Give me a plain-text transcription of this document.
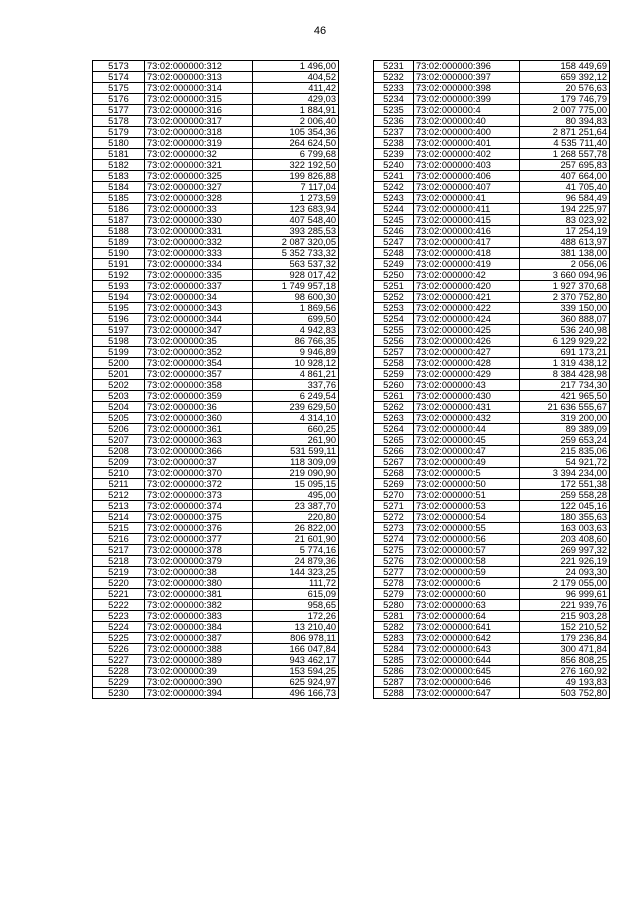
46
5173	73:02:000000:312	1 496,00
5174	73:02:000000:313	404,52
5175	73:02:000000:314	411,42
5176	73:02:000000:315	429,03
5177	73:02:000000:316	1 884,91
5178	73:02:000000:317	2 006,40
5179	73:02:000000:318	105 354,36
5180	73:02:000000:319	264 624,50
5181	73:02:000000:32	6 799,68
5182	73:02:000000:321	322 192,50
5183	73:02:000000:325	199 826,88
5184	73:02:000000:327	7 117,04
5185	73:02:000000:328	1 273,59
5186	73:02:000000:33	123 683,94
5187	73:02:000000:330	407 548,40
5188	73:02:000000:331	393 285,53
5189	73:02:000000:332	2 087 320,05
5190	73:02:000000:333	5 352 733,32
5191	73:02:000000:334	563 537,32
5192	73:02:000000:335	928 017,42
5193	73:02:000000:337	1 749 957,18
5194	73:02:000000:34	98 600,30
5195	73:02:000000:343	1 869,56
5196	73:02:000000:344	699,50
5197	73:02:000000:347	4 942,83
5198	73:02:000000:35	86 766,35
5199	73:02:000000:352	9 946,89
5200	73:02:000000:354	10 928,12
5201	73:02:000000:357	4 861,21
5202	73:02:000000:358	337,76
5203	73:02:000000:359	6 249,54
5204	73:02:000000:36	239 629,50
5205	73:02:000000:360	4 314,10
5206	73:02:000000:361	660,25
5207	73:02:000000:363	261,90
5208	73:02:000000:366	531 599,11
5209	73:02:000000:37	118 309,09
5210	73:02:000000:370	219 090,90
5211	73:02:000000:372	15 095,15
5212	73:02:000000:373	495,00
5213	73:02:000000:374	23 387,70
5214	73:02:000000:375	220,80
5215	73:02:000000:376	26 822,00
5216	73:02:000000:377	21 601,90
5217	73:02:000000:378	5 774,16
5218	73:02:000000:379	24 879,36
5219	73:02:000000:38	144 323,25
5220	73:02:000000:380	111,72
5221	73:02:000000:381	615,09
5222	73:02:000000:382	958,65
5223	73:02:000000:383	172,26
5224	73:02:000000:384	13 210,40
5225	73:02:000000:387	806 978,11
5226	73:02:000000:388	166 047,84
5227	73:02:000000:389	943 462,17
5228	73:02:000000:39	153 594,25
5229	73:02:000000:390	625 924,97
5230	73:02:000000:394	496 166,73
5231	73:02:000000:396	158 449,69
5232	73:02:000000:397	659 392,12
5233	73:02:000000:398	20 576,63
5234	73:02:000000:399	179 746,79
5235	73:02:000000:4	2 007 775,00
5236	73:02:000000:40	80 394,83
5237	73:02:000000:400	2 871 251,64
5238	73:02:000000:401	4 535 711,40
5239	73:02:000000:402	1 268 557,78
5240	73:02:000000:403	257 695,83
5241	73:02:000000:406	407 664,00
5242	73:02:000000:407	41 705,40
5243	73:02:000000:41	96 584,49
5244	73:02:000000:411	194 225,97
5245	73:02:000000:415	83 023,92
5246	73:02:000000:416	17 254,19
5247	73:02:000000:417	488 613,97
5248	73:02:000000:418	381 138,00
5249	73:02:000000:419	2 056,06
5250	73:02:000000:42	3 660 094,96
5251	73:02:000000:420	1 927 370,68
5252	73:02:000000:421	2 370 752,80
5253	73:02:000000:422	339 150,00
5254	73:02:000000:424	360 888,07
5255	73:02:000000:425	536 240,98
5256	73:02:000000:426	6 129 929,22
5257	73:02:000000:427	691 173,21
5258	73:02:000000:428	1 319 438,12
5259	73:02:000000:429	8 384 428,98
5260	73:02:000000:43	217 734,30
5261	73:02:000000:430	421 965,50
5262	73:02:000000:431	21 636 555,67
5263	73:02:000000:432	319 200,00
5264	73:02:000000:44	89 389,09
5265	73:02:000000:45	259 653,24
5266	73:02:000000:47	215 835,06
5267	73:02:000000:49	54 921,72
5268	73:02:000000:5	3 394 234,00
5269	73:02:000000:50	172 551,38
5270	73:02:000000:51	259 558,28
5271	73:02:000000:53	122 045,16
5272	73:02:000000:54	180 355,63
5273	73:02:000000:55	163 003,63
5274	73:02:000000:56	203 408,60
5275	73:02:000000:57	269 997,32
5276	73:02:000000:58	221 926,19
5277	73:02:000000:59	24 093,30
5278	73:02:000000:6	2 179 055,00
5279	73:02:000000:60	96 999,61
5280	73:02:000000:63	221 939,76
5281	73:02:000000:64	215 903,28
5282	73:02:000000:641	152 210,52
5283	73:02:000000:642	179 236,84
5284	73:02:000000:643	300 471,84
5285	73:02:000000:644	856 808,25
5286	73:02:000000:645	276 160,92
5287	73:02:000000:646	49 193,83
5288	73:02:000000:647	503 752,80
